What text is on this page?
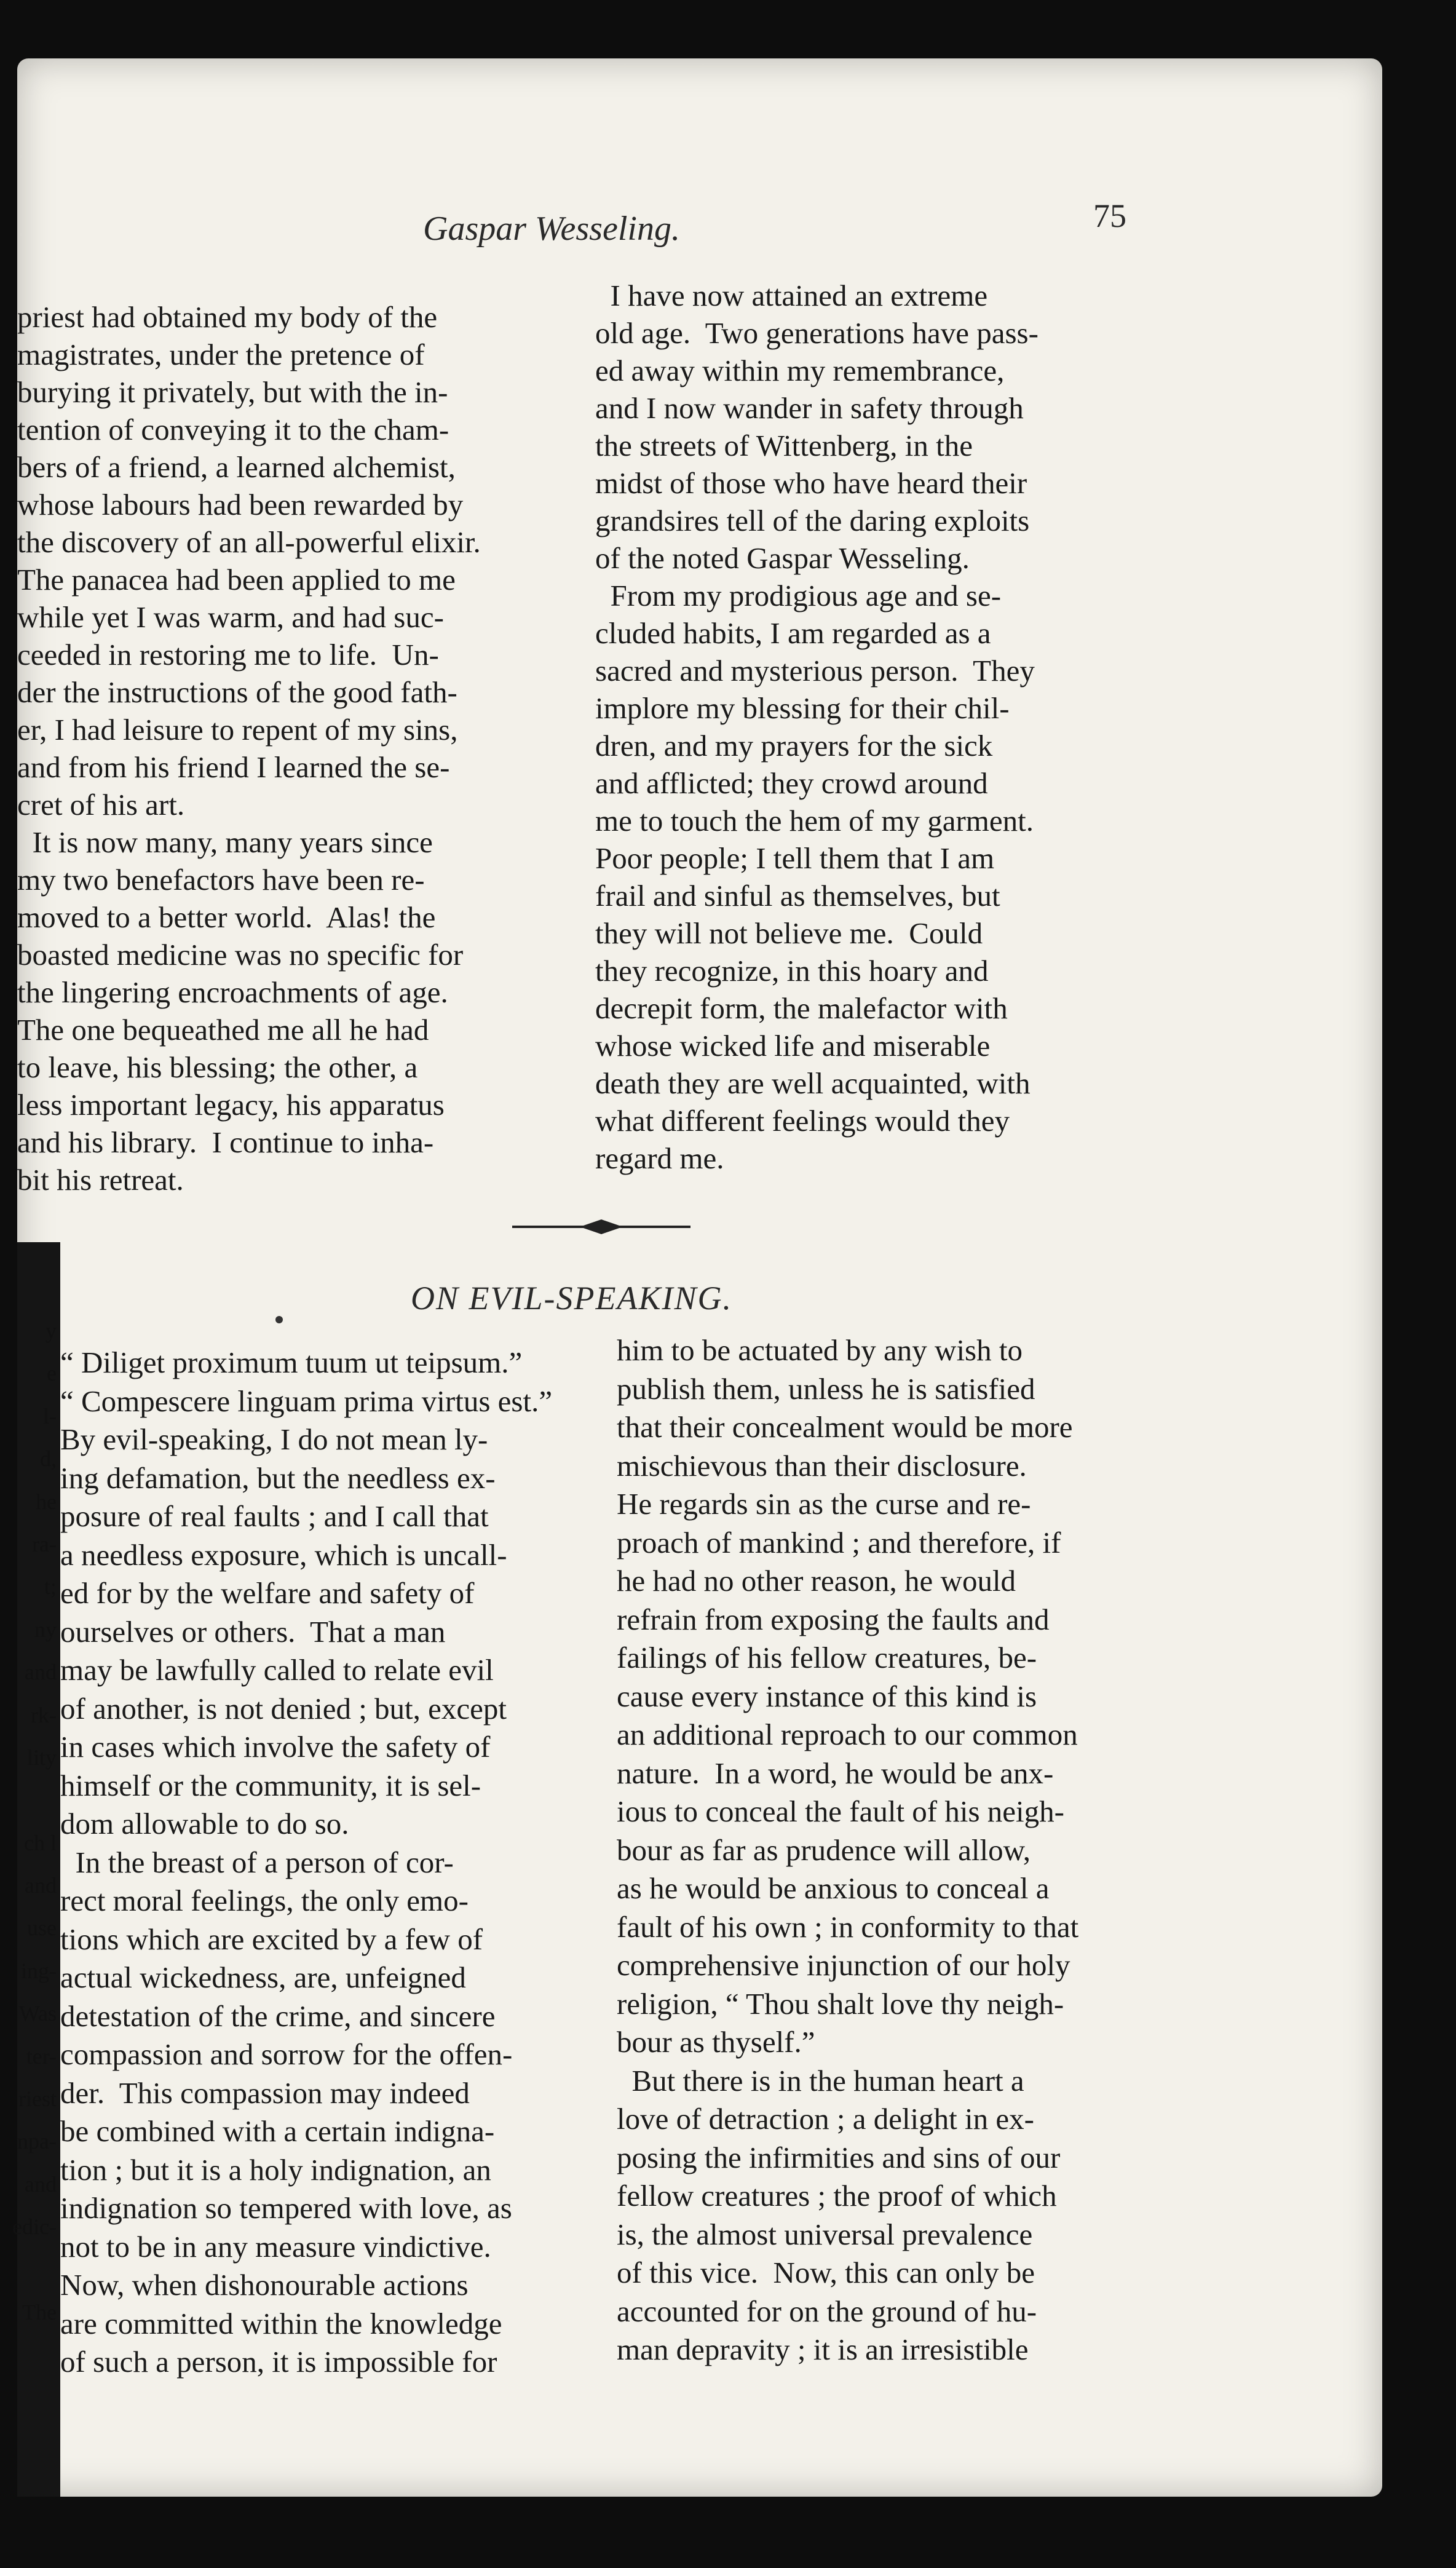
Gaspar Wesseling.	75
priest had obtained my body of the
magistrates, under the pretence of
burying it privately, but with the in-
tention of conveying it to the cham-
bers of a friend, a learned alchemist,
whose labours had been rewarded by
the discovery of an all-powerful elixir.
The panacea had been applied to me
while yet I was warm, and had suc-
ceeded in restoring me to life.  Un-
der the instructions of the good fath-
er, I had leisure to repent of my sins,
and from his friend I learned the se-
cret of his art.
It is now many, many years since
my two benefactors have been re-
moved to a better world.  Alas! the
boasted medicine was no specific for
the lingering encroachments of age.
The one bequeathed me all he had
to leave, his blessing; the other, a
less important legacy, his apparatus
and his library.  I continue to inha-
bit his retreat.
I have now attained an extreme
old age.  Two generations have pass-
ed away within my remembrance,
and I now wander in safety through
the streets of Wittenberg, in the
midst of those who have heard their
grandsires tell of the daring exploits
of the noted Gaspar Wesseling.
From my prodigious age and se-
cluded habits, I am regarded as a
sacred and mysterious person.  They
implore my blessing for their chil-
dren, and my prayers for the sick
and afflicted; they crowd around
me to touch the hem of my garment.
Poor people; I tell them that I am
frail and sinful as themselves, but
they will not believe me.  Could
they recognize, in this hoary and
decrepit form, the malefactor with
whose wicked life and miserable
death they are well acquainted, with
what different feelings would they
regard me.
ON EVIL-SPEAKING.
“ Diliget proximum tuum ut teipsum.”
“ Compescere linguam prima virtus est.”
By evil-speaking, I do not mean ly-
ing defamation, but the needless ex-
posure of real faults ; and I call that
a needless exposure, which is uncall-
ed for by the welfare and safety of
ourselves or others.  That a man
may be lawfully called to relate evil
of another, is not denied ; but, except
in cases which involve the safety of
himself or the community, it is sel-
dom allowable to do so.
In the breast of a person of cor-
rect moral feelings, the only emo-
tions which are excited by a few of
actual wickedness, are, unfeigned
detestation of the crime, and sincere
compassion and sorrow for the offen-
der.  This compassion may indeed
be combined with a certain indigna-
tion ; but it is a holy indignation, an
indignation so tempered with love, as
not to be in any measure vindictive.
Now, when dishonourable actions
are committed within the knowledge
of such a person, it is impossible for
him to be actuated by any wish to
publish them, unless he is satisfied
that their concealment would be more
mischievous than their disclosure.
He regards sin as the curse and re-
proach of mankind ; and therefore, if
he had no other reason, he would
refrain from exposing the faults and
failings of his fellow creatures, be-
cause every instance of this kind is
an additional reproach to our common
nature.  In a word, he would be anx-
ious to conceal the fault of his neigh-
bour as far as prudence will allow,
as he would be anxious to conceal a
fault of his own ; in conformity to that
comprehensive injunction of our holy
religion, “ Thou shalt love thy neigh-
bour as thyself.”
But there is in the human heart a
love of detraction ; a delight in ex-
posing the infirmities and sins of our
fellow creatures ; the proof of which
is, the almost universal prevalence
of this vice.  Now, this can only be
accounted for on the ground of hu-
man depravity ; it is an irresistible
y
e
l-
d,
he
ra-
t;
ny
and
rk-
lity
ch l
and
use
ing-
Was
ter-
riest
npa-
and
edic-
The
